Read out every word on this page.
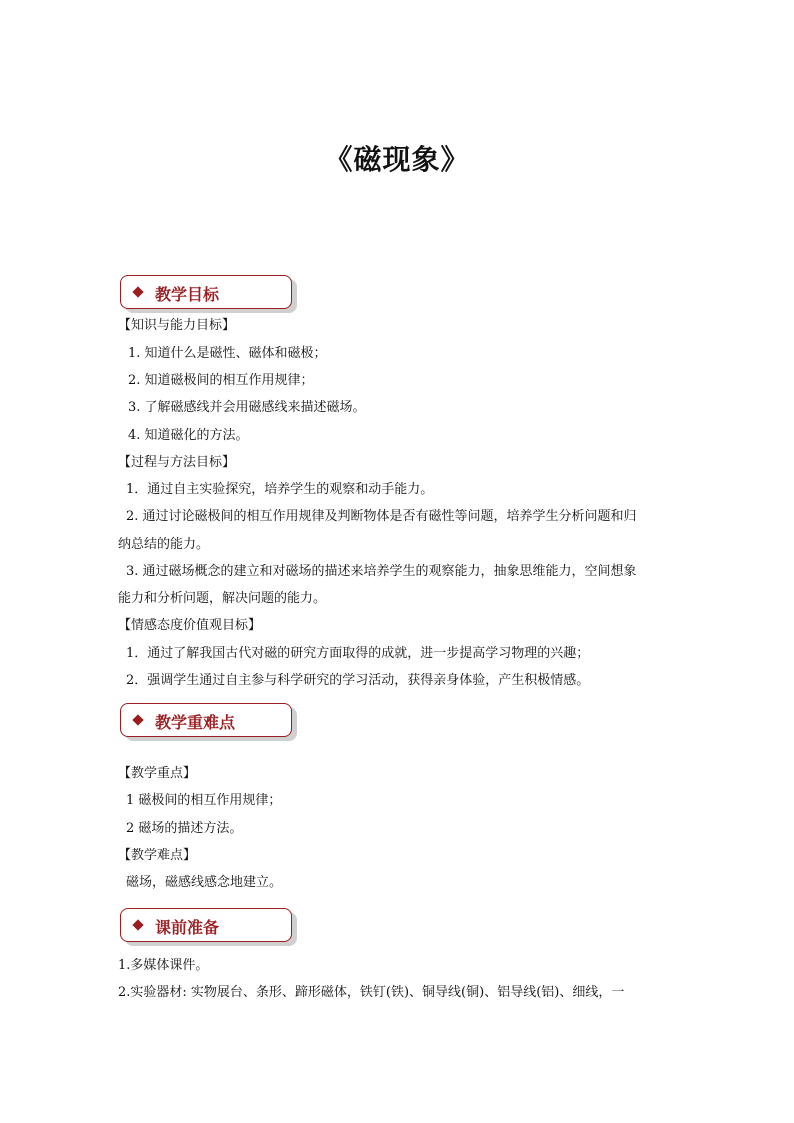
《磁现象》
教学目标
【知识与能力目标】
1. 知道什么是磁性、磁体和磁极；
2. 知道磁极间的相互作用规律；
3. 了解磁感线并会用磁感线来描述磁场。
4. 知道磁化的方法。
【过程与方法目标】
1．通过自主实验探究，培养学生的观察和动手能力。
2. 通过讨论磁极间的相互作用规律及判断物体是否有磁性等问题，培养学生分析问题和归
纳总结的能力。
3. 通过磁场概念的建立和对磁场的描述来培养学生的观察能力，抽象思维能力，空间想象
能力和分析问题，解决问题的能力。
【情感态度价值观目标】
1．通过了解我国古代对磁的研究方面取得的成就，进一步提高学习物理的兴趣；
2．强调学生通过自主参与科学研究的学习活动，获得亲身体验，产生积极情感。
教学重难点
【教学重点】
1 磁极间的相互作用规律；
2 磁场的描述方法。
【教学难点】
磁场，磁感线感念地建立。
课前准备
1.多媒体课件。
2.实验器材: 实物展台、条形、蹄形磁体，铁钉(铁)、铜导线(铜)、铝导线(铝)、细线，一
